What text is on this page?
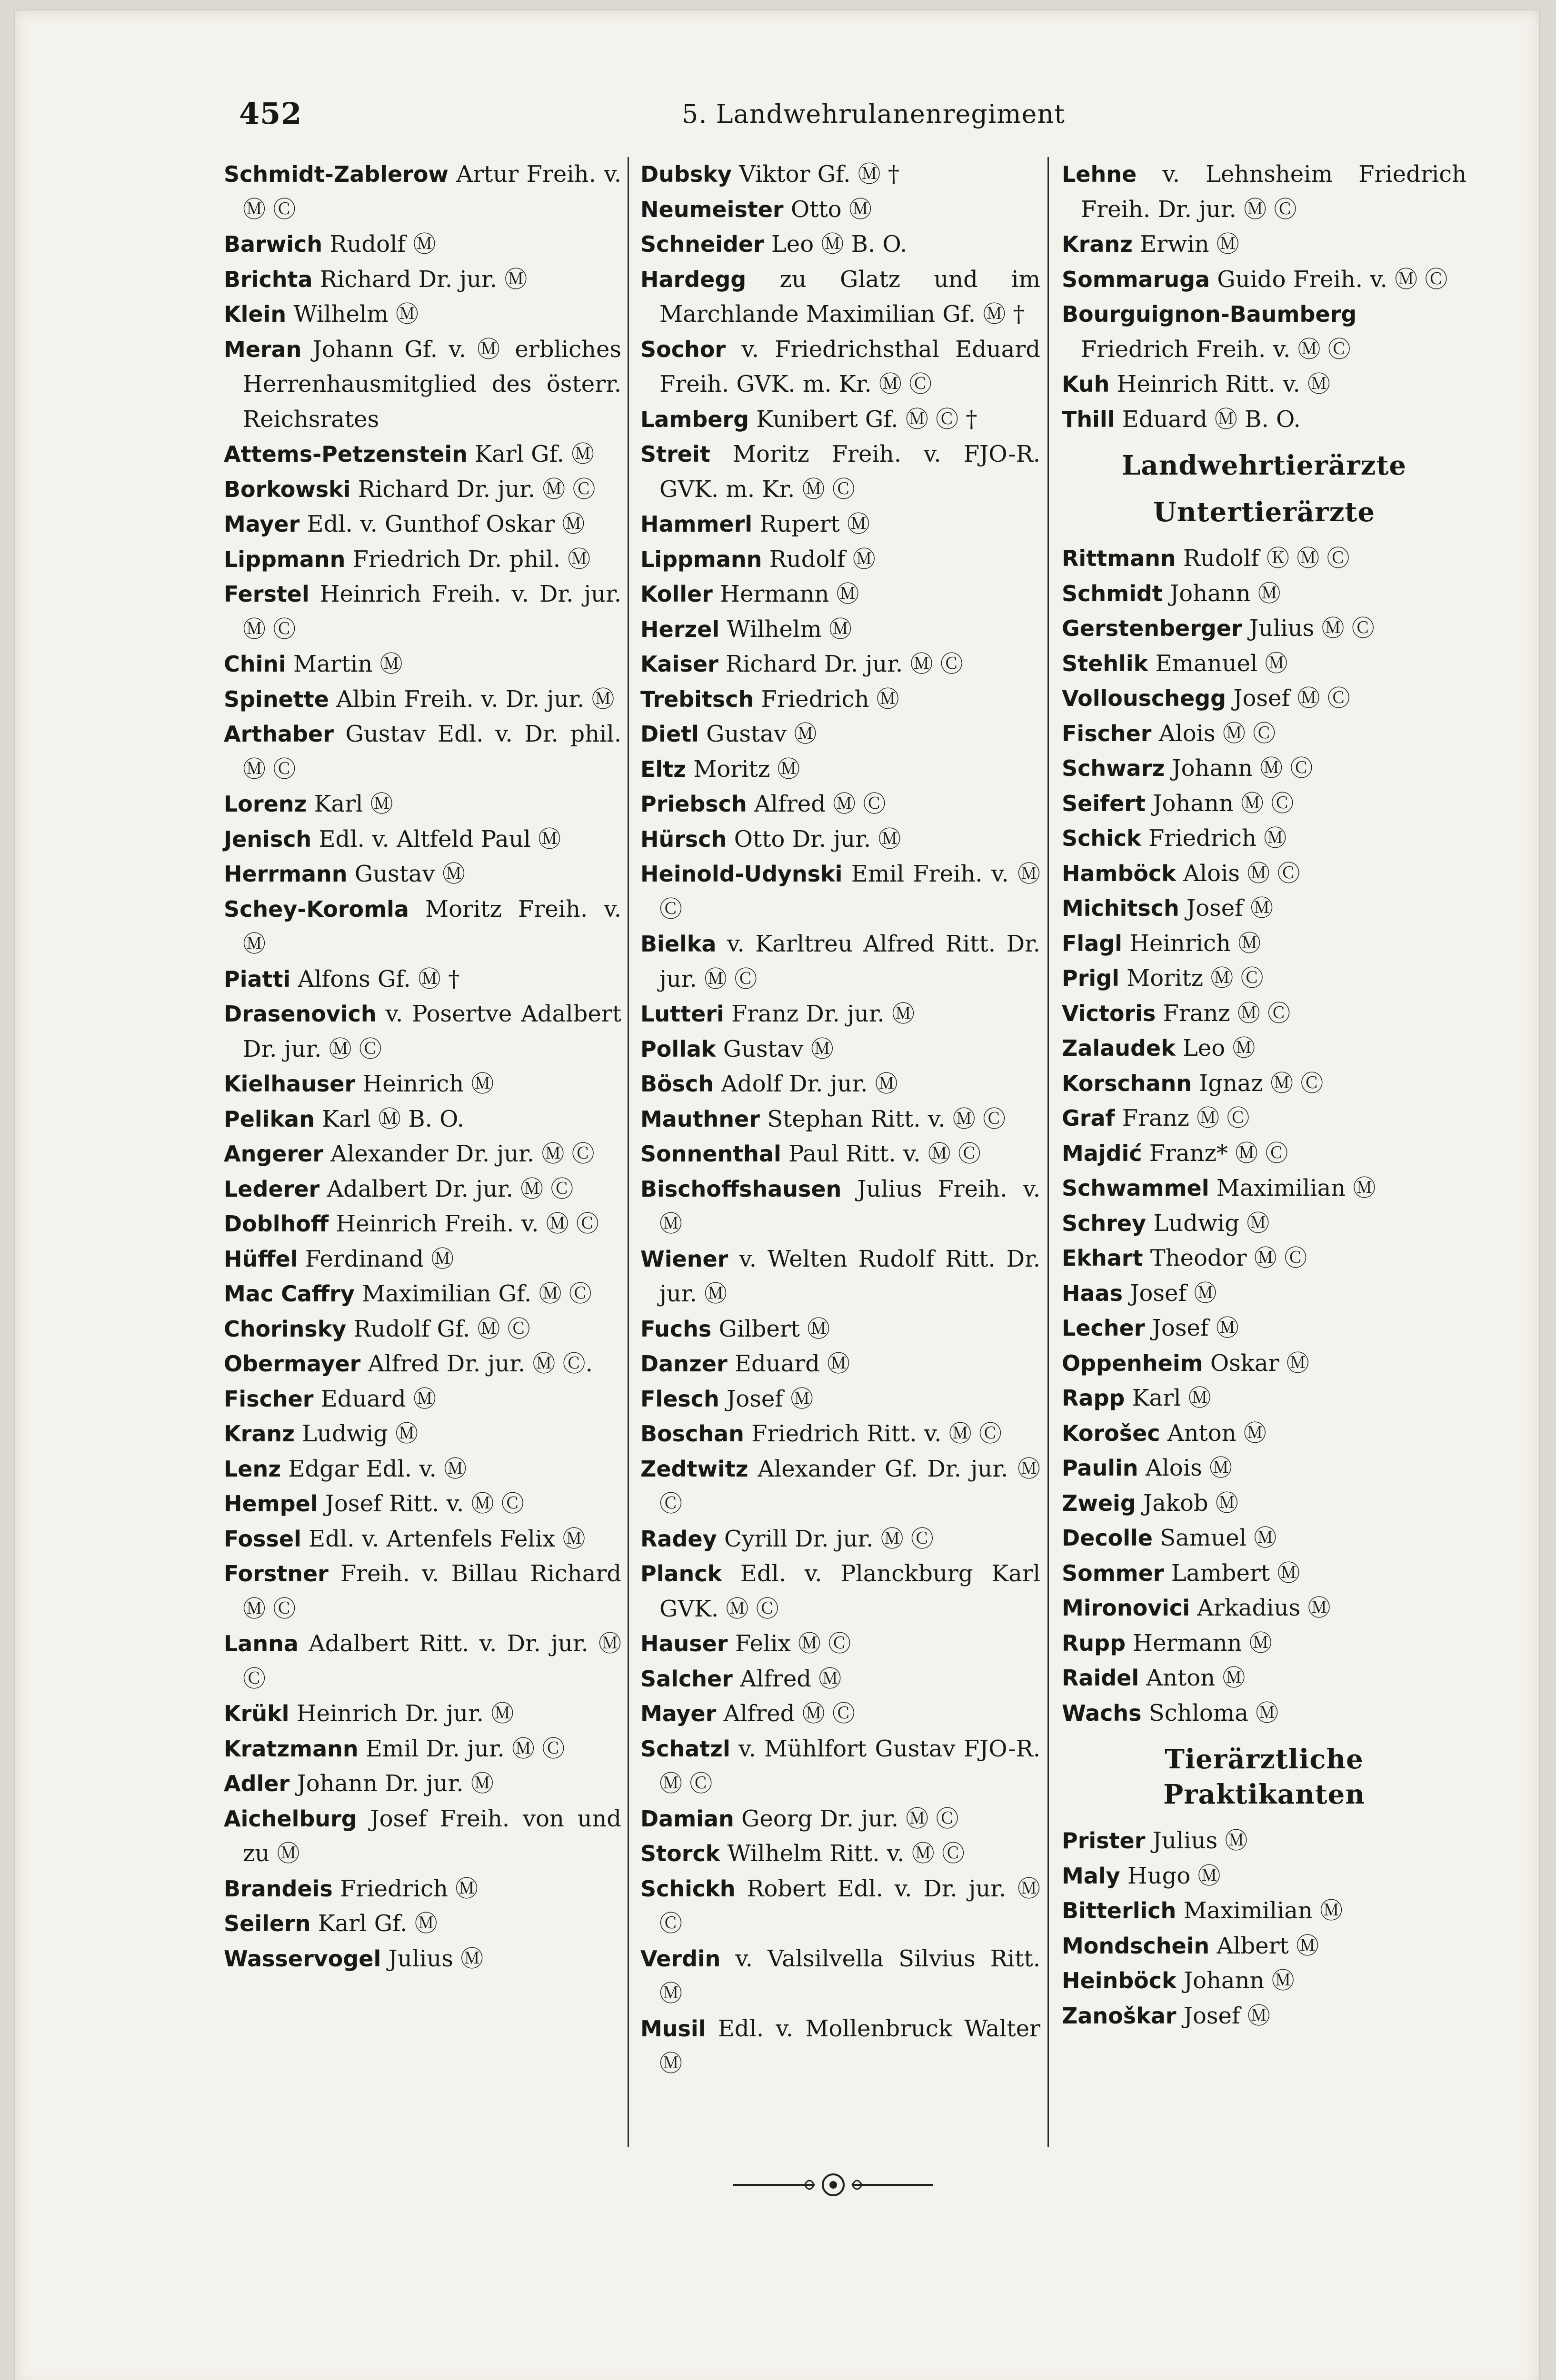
452	5. Landwehrulanenregiment
Schmidt-Zablerow Artur Freih. v. Ⓜ Ⓒ
Barwich Rudolf Ⓜ
Brichta Richard Dr. jur. Ⓜ
Klein Wilhelm Ⓜ
Meran Johann Gf. v. Ⓜ erbliches Herrenhausmitglied des österr. Reichsrates
Attems-Petzenstein Karl Gf. Ⓜ
Borkowski Richard Dr. jur. Ⓜ Ⓒ
Mayer Edl. v. Gunthof Oskar Ⓜ
Lippmann Friedrich Dr. phil. Ⓜ
Ferstel Heinrich Freih. v. Dr. jur. Ⓜ Ⓒ
Chini Martin Ⓜ
Spinette Albin Freih. v. Dr. jur. Ⓜ
Arthaber Gustav Edl. v. Dr. phil. Ⓜ Ⓒ
Lorenz Karl Ⓜ
Jenisch Edl. v. Altfeld Paul Ⓜ
Herrmann Gustav Ⓜ
Schey-Koromla Moritz Freih. v. Ⓜ
Piatti Alfons Gf. Ⓜ †
Drasenovich v. Posertve Adalbert Dr. jur. Ⓜ Ⓒ
Kielhauser Heinrich Ⓜ
Pelikan Karl Ⓜ B. O.
Angerer Alexander Dr. jur. Ⓜ Ⓒ
Lederer Adalbert Dr. jur. Ⓜ Ⓒ
Doblhoff Heinrich Freih. v. Ⓜ Ⓒ
Hüffel Ferdinand Ⓜ
Mac Caffry Maximilian Gf. Ⓜ Ⓒ
Chorinsky Rudolf Gf. Ⓜ Ⓒ
Obermayer Alfred Dr. jur. Ⓜ Ⓒ.
Fischer Eduard Ⓜ
Kranz Ludwig Ⓜ
Lenz Edgar Edl. v. Ⓜ
Hempel Josef Ritt. v. Ⓜ Ⓒ
Fossel Edl. v. Artenfels Felix Ⓜ
Forstner Freih. v. Billau Richard Ⓜ Ⓒ
Lanna Adalbert Ritt. v. Dr. jur. Ⓜ Ⓒ
Krükl Heinrich Dr. jur. Ⓜ
Kratzmann Emil Dr. jur. Ⓜ Ⓒ
Adler Johann Dr. jur. Ⓜ
Aichelburg Josef Freih. von und zu Ⓜ
Brandeis Friedrich Ⓜ
Seilern Karl Gf. Ⓜ
Wasservogel Julius Ⓜ
Dubsky Viktor Gf. Ⓜ †
Neumeister Otto Ⓜ
Schneider Leo Ⓜ B. O.
Hardegg zu Glatz und im Marchlande Maximilian Gf. Ⓜ †
Sochor v. Friedrichsthal Eduard Freih. GVK. m. Kr. Ⓜ Ⓒ
Lamberg Kunibert Gf. Ⓜ Ⓒ †
Streit Moritz Freih. v. FJO-R. GVK. m. Kr. Ⓜ Ⓒ
Hammerl Rupert Ⓜ
Lippmann Rudolf Ⓜ
Koller Hermann Ⓜ
Herzel Wilhelm Ⓜ
Kaiser Richard Dr. jur. Ⓜ Ⓒ
Trebitsch Friedrich Ⓜ
Dietl Gustav Ⓜ
Eltz Moritz Ⓜ
Priebsch Alfred Ⓜ Ⓒ
Hürsch Otto Dr. jur. Ⓜ
Heinold-Udynski Emil Freih. v. Ⓜ Ⓒ
Bielka v. Karltreu Alfred Ritt. Dr. jur. Ⓜ Ⓒ
Lutteri Franz Dr. jur. Ⓜ
Pollak Gustav Ⓜ
Bösch Adolf Dr. jur. Ⓜ
Mauthner Stephan Ritt. v. Ⓜ Ⓒ
Sonnenthal Paul Ritt. v. Ⓜ Ⓒ
Bischoffshausen Julius Freih. v. Ⓜ
Wiener v. Welten Rudolf Ritt. Dr. jur. Ⓜ
Fuchs Gilbert Ⓜ
Danzer Eduard Ⓜ
Flesch Josef Ⓜ
Boschan Friedrich Ritt. v. Ⓜ Ⓒ
Zedtwitz Alexander Gf. Dr. jur. Ⓜ Ⓒ
Radey Cyrill Dr. jur. Ⓜ Ⓒ
Planck Edl. v. Planckburg Karl GVK. Ⓜ Ⓒ
Hauser Felix Ⓜ Ⓒ
Salcher Alfred Ⓜ
Mayer Alfred Ⓜ Ⓒ
Schatzl v. Mühlfort Gustav FJO-R. Ⓜ Ⓒ
Damian Georg Dr. jur. Ⓜ Ⓒ
Storck Wilhelm Ritt. v. Ⓜ Ⓒ
Schickh Robert Edl. v. Dr. jur. Ⓜ Ⓒ
Verdin v. Valsilvella Silvius Ritt. Ⓜ
Musil Edl. v. Mollenbruck Walter Ⓜ
Lehne v. Lehnsheim Friedrich Freih. Dr. jur. Ⓜ Ⓒ
Kranz Erwin Ⓜ
Sommaruga Guido Freih. v. Ⓜ Ⓒ
Bourguignon-Baumberg Friedrich Freih. v. Ⓜ Ⓒ
Kuh Heinrich Ritt. v. Ⓜ
Thill Eduard Ⓜ B. O.
Landwehrtierärzte
Untertierärzte
Rittmann Rudolf Ⓚ Ⓜ Ⓒ
Schmidt Johann Ⓜ
Gerstenberger Julius Ⓜ Ⓒ
Stehlik Emanuel Ⓜ
Vollouschegg Josef Ⓜ Ⓒ
Fischer Alois Ⓜ Ⓒ
Schwarz Johann Ⓜ Ⓒ
Seifert Johann Ⓜ Ⓒ
Schick Friedrich Ⓜ
Hamböck Alois Ⓜ Ⓒ
Michitsch Josef Ⓜ
Flagl Heinrich Ⓜ
Prigl Moritz Ⓜ Ⓒ
Victoris Franz Ⓜ Ⓒ
Zalaudek Leo Ⓜ
Korschann Ignaz Ⓜ Ⓒ
Graf Franz Ⓜ Ⓒ
Majdić Franz* Ⓜ Ⓒ
Schwammel Maximilian Ⓜ
Schrey Ludwig Ⓜ
Ekhart Theodor Ⓜ Ⓒ
Haas Josef Ⓜ
Lecher Josef Ⓜ
Oppenheim Oskar Ⓜ
Rapp Karl Ⓜ
Korošec Anton Ⓜ
Paulin Alois Ⓜ
Zweig Jakob Ⓜ
Decolle Samuel Ⓜ
Sommer Lambert Ⓜ
Mironovici Arkadius Ⓜ
Rupp Hermann Ⓜ
Raidel Anton Ⓜ
Wachs Schloma Ⓜ
Tierärztliche Praktikanten
Prister Julius Ⓜ
Maly Hugo Ⓜ
Bitterlich Maximilian Ⓜ
Mondschein Albert Ⓜ
Heinböck Johann Ⓜ
Zanoškar Josef Ⓜ
